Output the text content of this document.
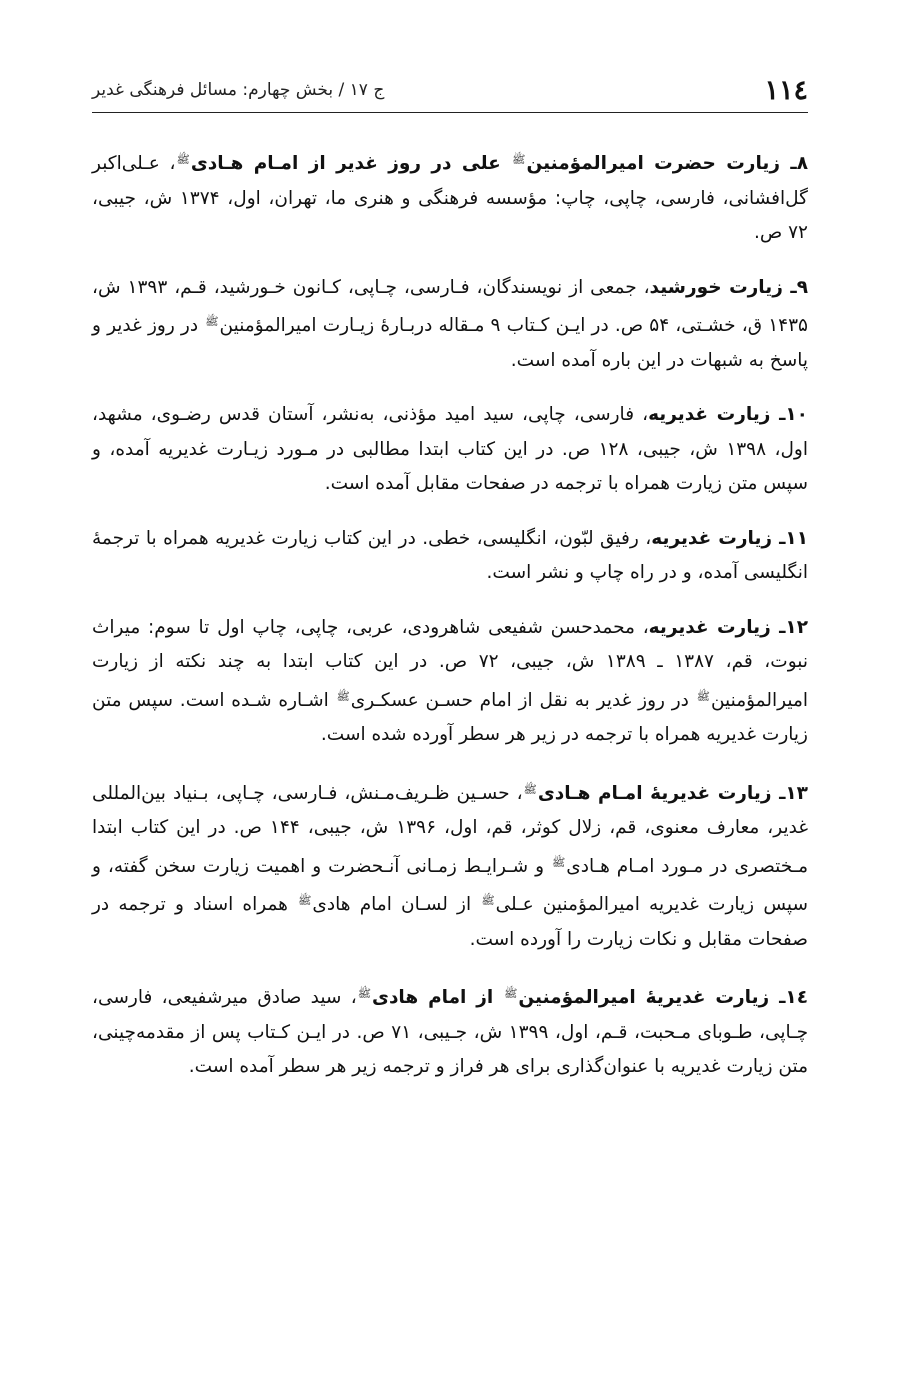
١١٤
ج ١٧ / بخش چهارم: مسائل فرهنگی غدیر

٨ـ زیارت حضرت امیرالمؤمنین$^ﷺ$ علی در روز غدیر از امـام هـادی$^ﷺ$، عـلی‌اکبر گل‌افشانی، فارسی، چاپی، چاپ: مؤسسه فرهنگی و هنری ما، تهران، اول، ١٣٧۴ ش، جیبی، ٧٢ ص.

٩ـ زیارت خورشید، جمعی از نویسندگان، فـارسی، چـاپی، کـانون خـورشید، قـم، ١٣٩٣ ش، ١۴٣۵ ق، خشـتی، ۵۴ ص. در ایـن کـتاب ٩ مـقاله دربـارۀ زیـارت امیرالمؤمنین$^ﷺ$ در روز غدیر و پاسخ به شبهات در این باره آمده است.

١٠ـ زیارت غدیریه، فارسی، چاپی، سید امید مؤذنی، به‌نشر، آستان قدس رضـوی، مشهد، اول، ١٣٩٨ ش، جیبی، ١٢٨ ص. در این کتاب ابتدا مطالبی در مـورد زیـارت غدیریه آمده، و سپس متن زیارت همراه با ترجمه در صفحات مقابل آمده است.

١١ـ زیارت غدیریه، رفیق لبّون، انگلیسی، خطی. در این کتاب زیارت غدیریه همراه با ترجمۀ انگلیسی آمده، و در راه چاپ و نشر است.

١٢ـ زیارت غدیریه، محمدحسن شفیعی شاهرودی، عربی، چاپی، چاپ اول تا سوم: میراث نبوت، قم، ١٣٨٧ ـ ١٣٨٩ ش، جیبی، ٧٢ ص. در این کتاب ابتدا به چند نکته از زیارت امیرالمؤمنین$^ﷺ$ در روز غدیر به نقل از امام حسـن عسکـری$^ﷺ$ اشـاره شـده است. سپس متن زیارت غدیریه همراه با ترجمه در زیر هر سطر آورده شده است.

١٣ـ زیارت غدیریۀ امـام هـادی$^ﷺ$، حسـین ظـریف‌مـنش، فـارسی، چـاپی، بـنیاد بین‌المللی غدیر، معارف معنوی، قم، زلال کوثر، قم، اول، ١٣٩۶ ش، جیبی، ١۴۴ ص. در این کتاب ابتدا مـختصری در مـورد امـام هـادی$^ﷺ$ و شـرایـط زمـانی آنـحضرت و اهمیت زیارت سخن گفته، و سپس زیارت غدیریه امیرالمؤمنین عـلی$^ﷺ$ از لسـان امام هادی$^ﷺ$ همراه اسناد و ترجمه در صفحات مقابل و نکات زیارت را آورده است.

١٤ـ زیارت غدیریۀ امیرالمؤمنین$^ﷺ$ از امام هادی$^ﷺ$، سید صادق میرشفیعی، فارسی، چـاپی، طـوبای مـحبت، قـم، اول، ١٣٩٩ ش، جـیبی، ٧١ ص. در ایـن کـتاب پس از مقدمه‌چینی، متن زیارت غدیریه با عنوان‌گذاری برای هر فراز و ترجمه زیر هر سطر آمده است.
